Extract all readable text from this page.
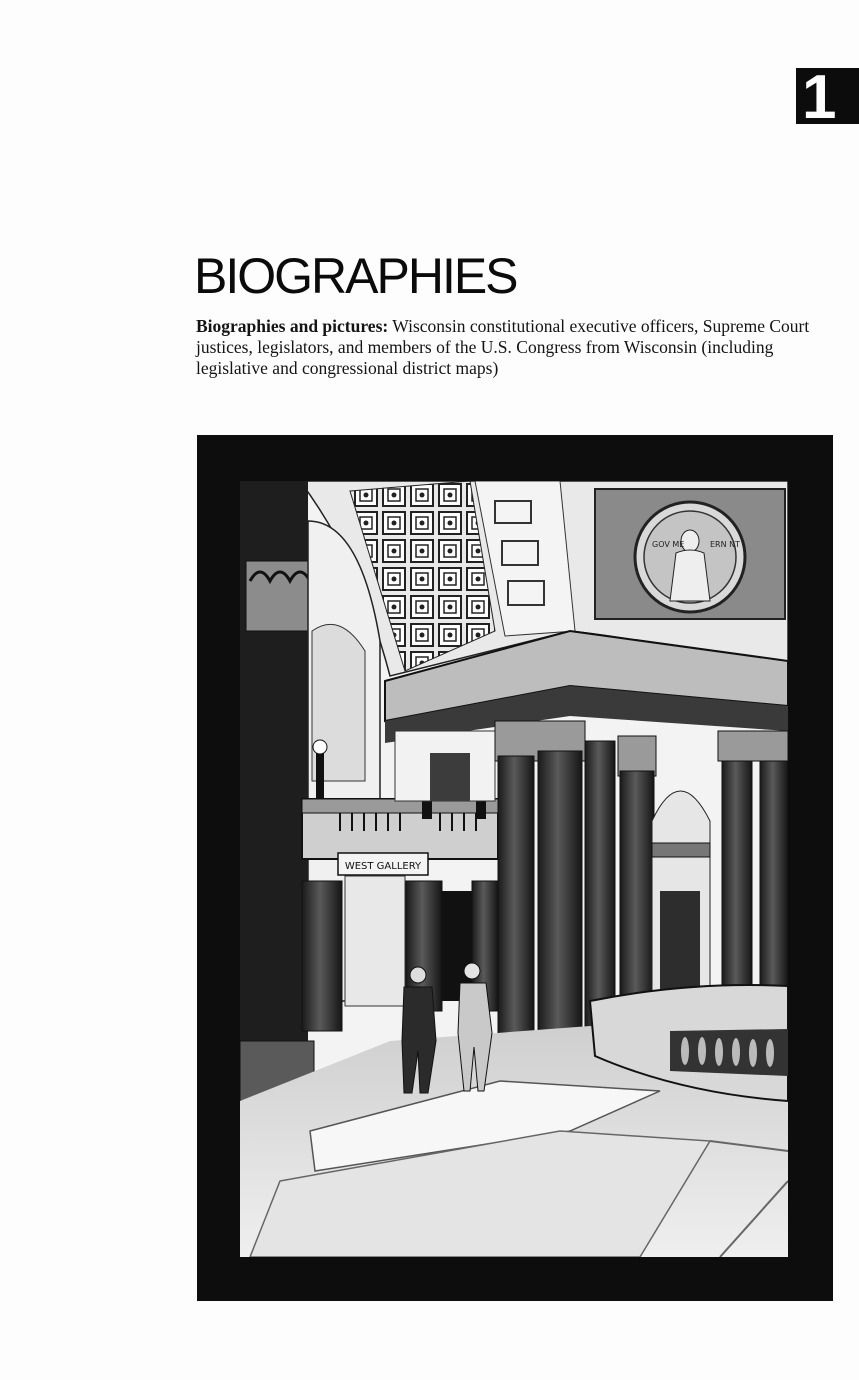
1
BIOGRAPHIES

Biographies and pictures: Wisconsin constitutional executive officers, Supreme Court justices, legislators, and members of the U.S. Congress from Wisconsin (including legislative and congressional district maps)

GOV ME	ERN NT
WEST GALLERY
